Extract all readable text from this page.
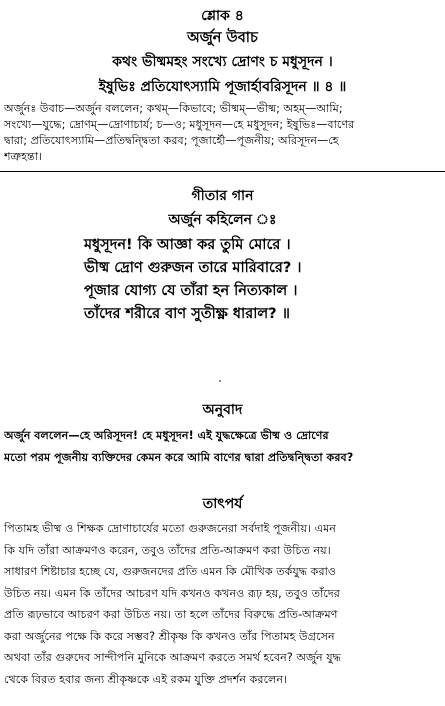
শ্লোক ৪
অর্জুন উবাচ
কথং ভীষ্মমহং সংখ্যে দ্রোণং চ মধুসূদন ।
ইষুভিঃ প্রতিযোৎস্যামি পূজার্হাবরিসূদন ॥ ৪ ॥
অর্জুনঃ উবাচ—অর্জুন বললেন; কথম্—কিভাবে; ভীষ্মম্—ভীষ্ম; অহম্—আমি;
সংখ্যে—যুদ্ধে; দ্রোণম্—দ্রোণাচার্য; চ—ও; মধুসূদন—হে মধুসূদন; ইষুভিঃ—বাণের
দ্বারা; প্রতিযোৎস্যামি—প্রতিদ্বন্দ্বিতা করব; পূজার্হৌ—পূজনীয়; অরিসূদন—হে
শত্রুহন্তা।
গীতার গান
অর্জুন কহিলেন ঃ
মধুসূদন! কি আজ্ঞা কর তুমি মোরে ।
ভীষ্ম দ্রোণ গুরুজন তারে মারিবারে? ।
পূজার যোগ্য যে তাঁরা হন নিত্যকাল ।
তাঁদের শরীরে বাণ সুতীক্ষ্ণ ধারাল? ॥
অনুবাদ
অর্জুন বললেন—হে অরিসূদন! হে মধুসূদন! এই যুদ্ধক্ষেত্রে ভীষ্ম ও দ্রোণের
মতো পরম পূজনীয় ব্যক্তিদের কেমন করে আমি বাণের দ্বারা প্রতিদ্বন্দ্বিতা করব?
তাৎপর্য
পিতামহ ভীষ্ম ও শিক্ষক দ্রোণাচার্যের মতো গুরুজনেরা সর্বদাই পূজনীয়। এমন
কি যদি তাঁরা আক্রমণও করেন, তবুও তাঁদের প্রতি-আক্রমণ করা উচিত নয়।
সাধারণ শিষ্টাচার হচ্ছে যে, গুরুজনদের প্রতি এমন কি মৌখিক তর্কযুদ্ধ করাও
উচিত নয়। এমন কি তাঁদের আচরণ যদি কখনও কখনও রূঢ় হয়, তবুও তাঁদের
প্রতি রূঢ়ভাবে আচরণ করা উচিত নয়। তা হলে তাঁদের বিরুদ্ধে প্রতি-আক্রমণ
করা অর্জুনের পক্ষে কি করে সম্ভব? শ্রীকৃষ্ণ কি কখনও তাঁর পিতামহ উগ্রসেন
অথবা তাঁর গুরুদেব সান্দীপনি মুনিকে আক্রমণ করতে সমর্থ হবেন? অর্জুন যুদ্ধ
থেকে বিরত হবার জন্য শ্রীকৃষ্ণকে এই রকম যুক্তি প্রদর্শন করলেন।
